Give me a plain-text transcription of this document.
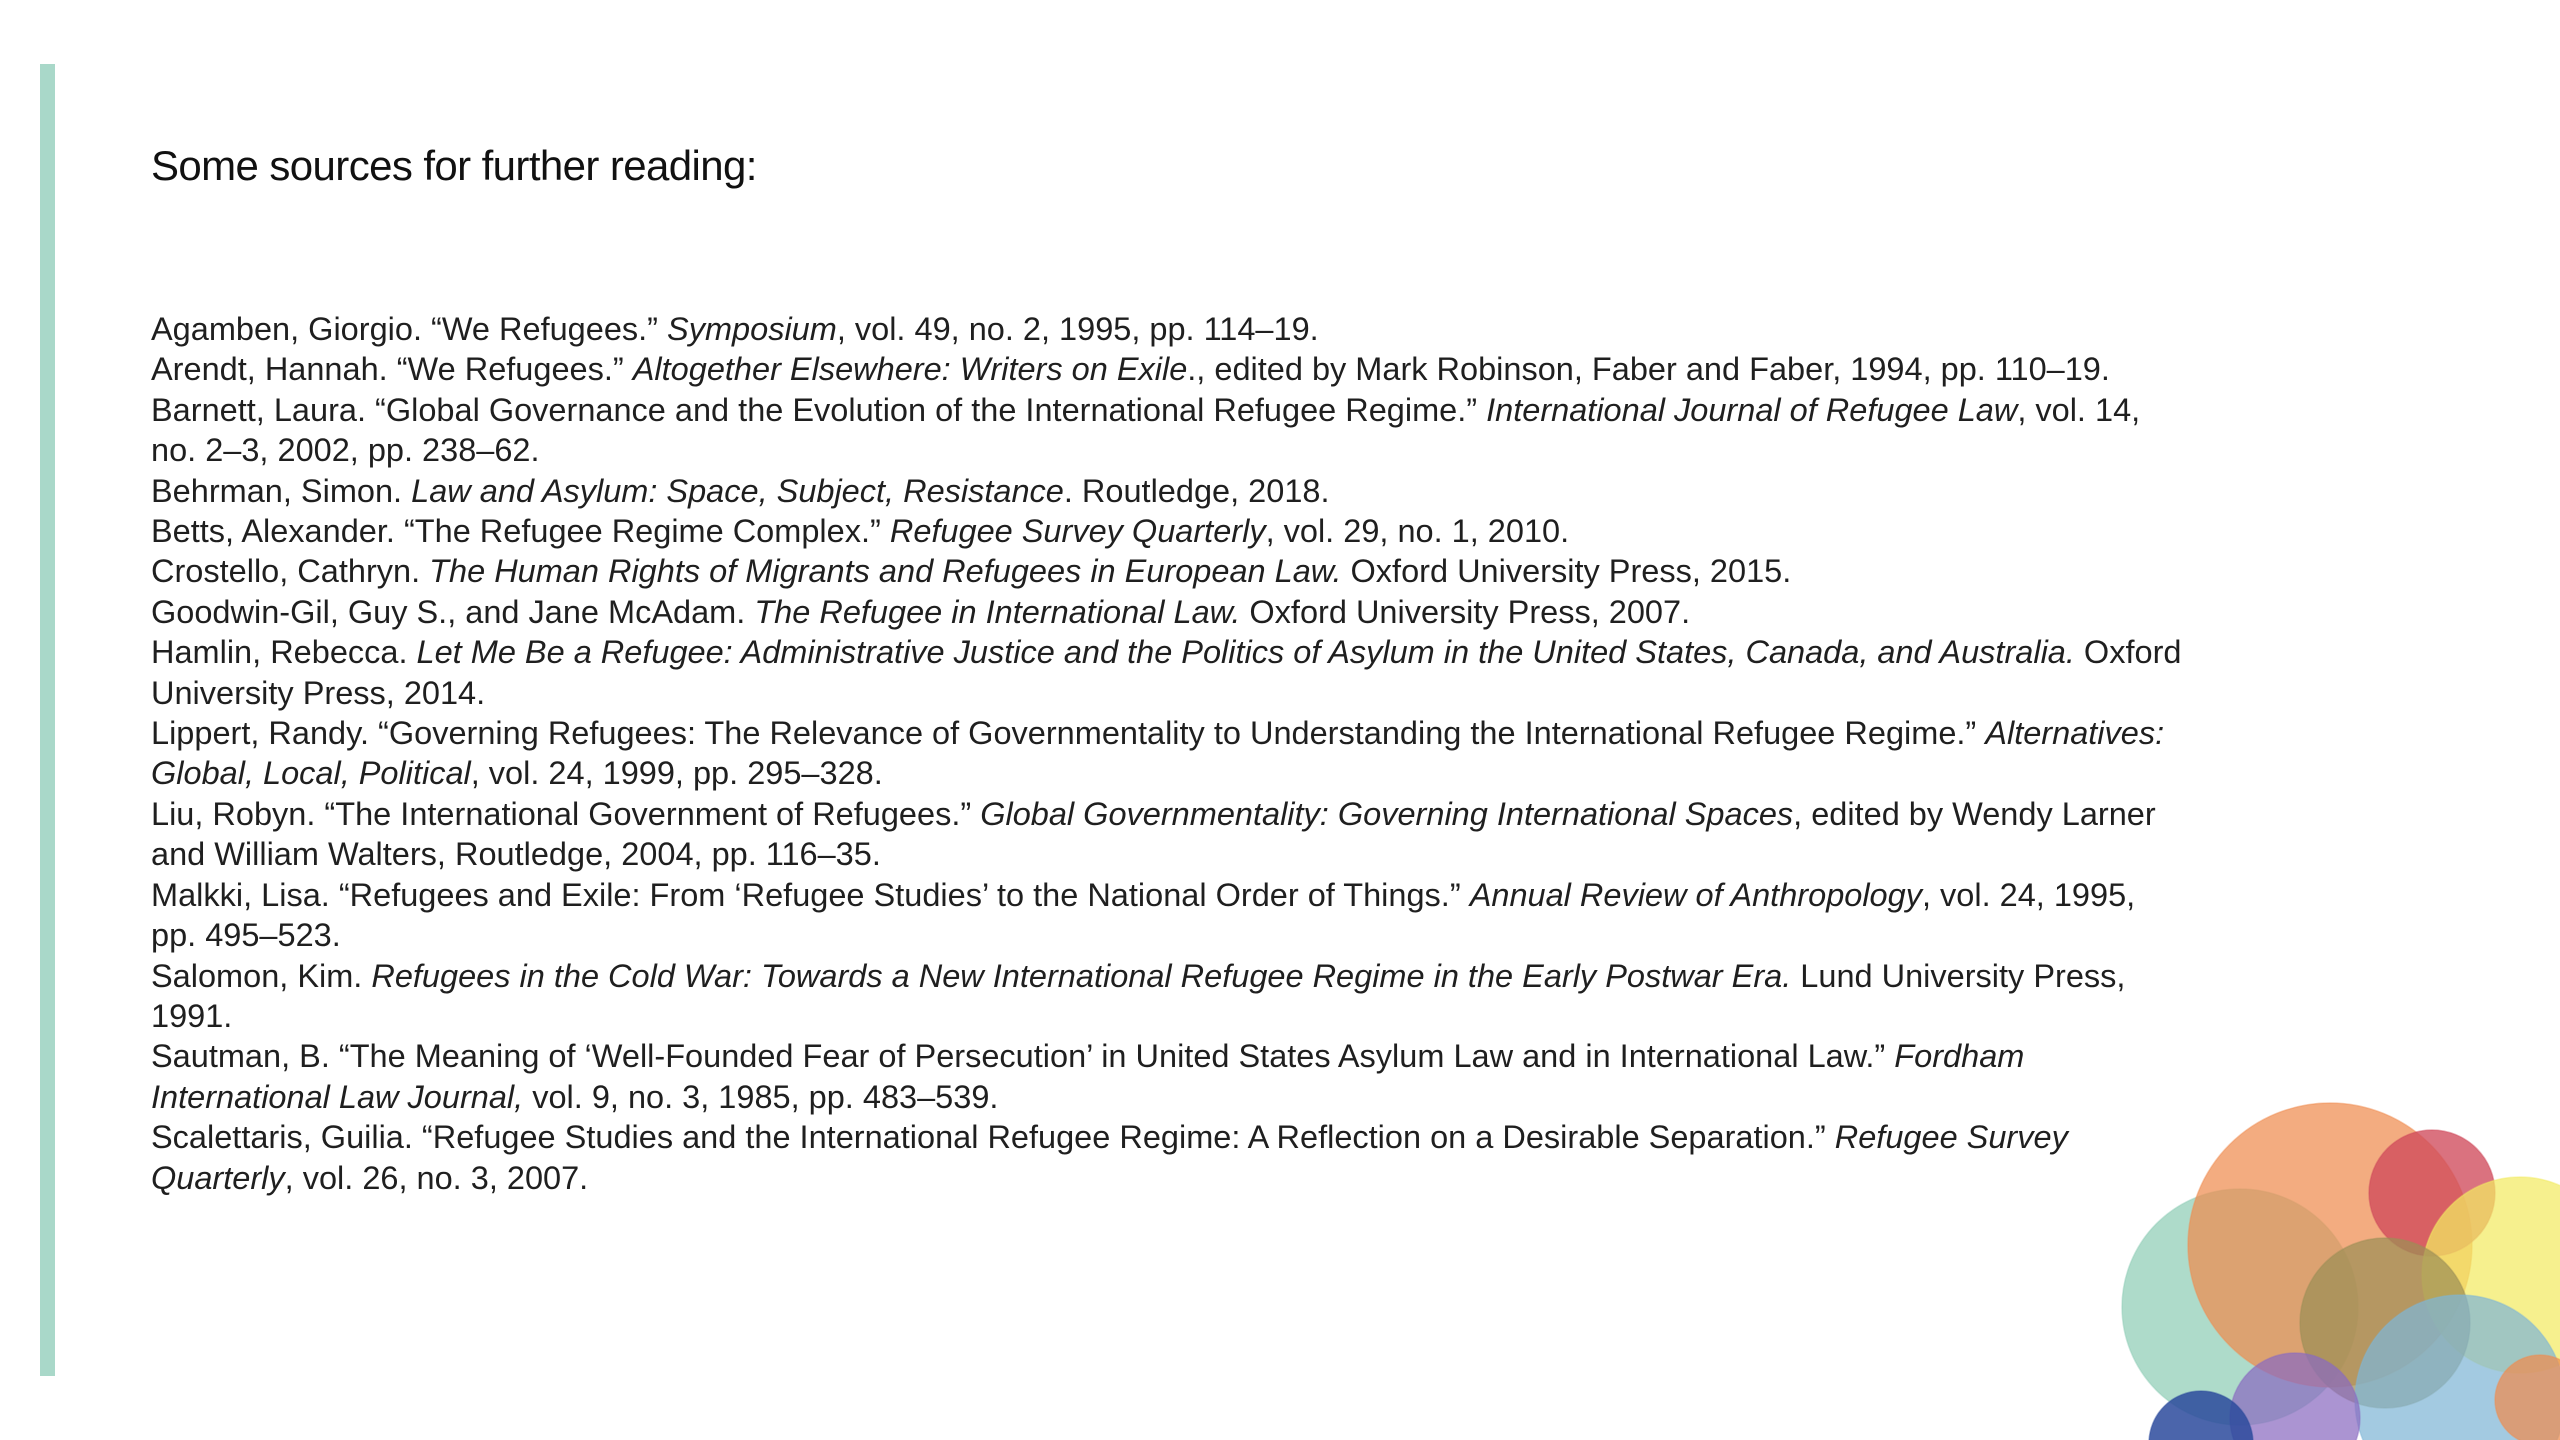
Some sources for further reading:

Agamben, Giorgio. “We Refugees.” Symposium, vol. 49, no. 2, 1995, pp. 114–19.

Arendt, Hannah. “We Refugees.” Altogether Elsewhere: Writers on Exile., edited by Mark Robinson, Faber and Faber, 1994, pp. 110–19.

Barnett, Laura. “Global Governance and the Evolution of the International Refugee Regime.” International Journal of Refugee Law, vol. 14, no. 2–3, 2002, pp. 238–62.

Behrman, Simon. Law and Asylum: Space, Subject, Resistance. Routledge, 2018.

Betts, Alexander. “The Refugee Regime Complex.” Refugee Survey Quarterly, vol. 29, no. 1, 2010.

Crostello, Cathryn. The Human Rights of Migrants and Refugees in European Law. Oxford University Press, 2015.

Goodwin-Gil, Guy S., and Jane McAdam. The Refugee in International Law. Oxford University Press, 2007.

Hamlin, Rebecca. Let Me Be a Refugee: Administrative Justice and the Politics of Asylum in the United States, Canada, and Australia. Oxford University Press, 2014.

Lippert, Randy. “Governing Refugees: The Relevance of Governmentality to Understanding the International Refugee Regime.” Alternatives: Global, Local, Political, vol. 24, 1999, pp. 295–328.

Liu, Robyn. “The International Government of Refugees.” Global Governmentality: Governing International Spaces, edited by Wendy Larner and William Walters, Routledge, 2004, pp. 116–35.

Malkki, Lisa. “Refugees and Exile: From ‘Refugee Studies’ to the National Order of Things.” Annual Review of Anthropology, vol. 24, 1995, pp. 495–523.

Salomon, Kim. Refugees in the Cold War: Towards a New International Refugee Regime in the Early Postwar Era. Lund University Press, 1991.

Sautman, B. “The Meaning of ‘Well-Founded Fear of Persecution’ in United States Asylum Law and in International Law.” Fordham International Law Journal, vol. 9, no. 3, 1985, pp. 483–539.

Scalettaris, Guilia. “Refugee Studies and the International Refugee Regime: A Reflection on a Desirable Separation.” Refugee Survey Quarterly, vol. 26, no. 3, 2007.
